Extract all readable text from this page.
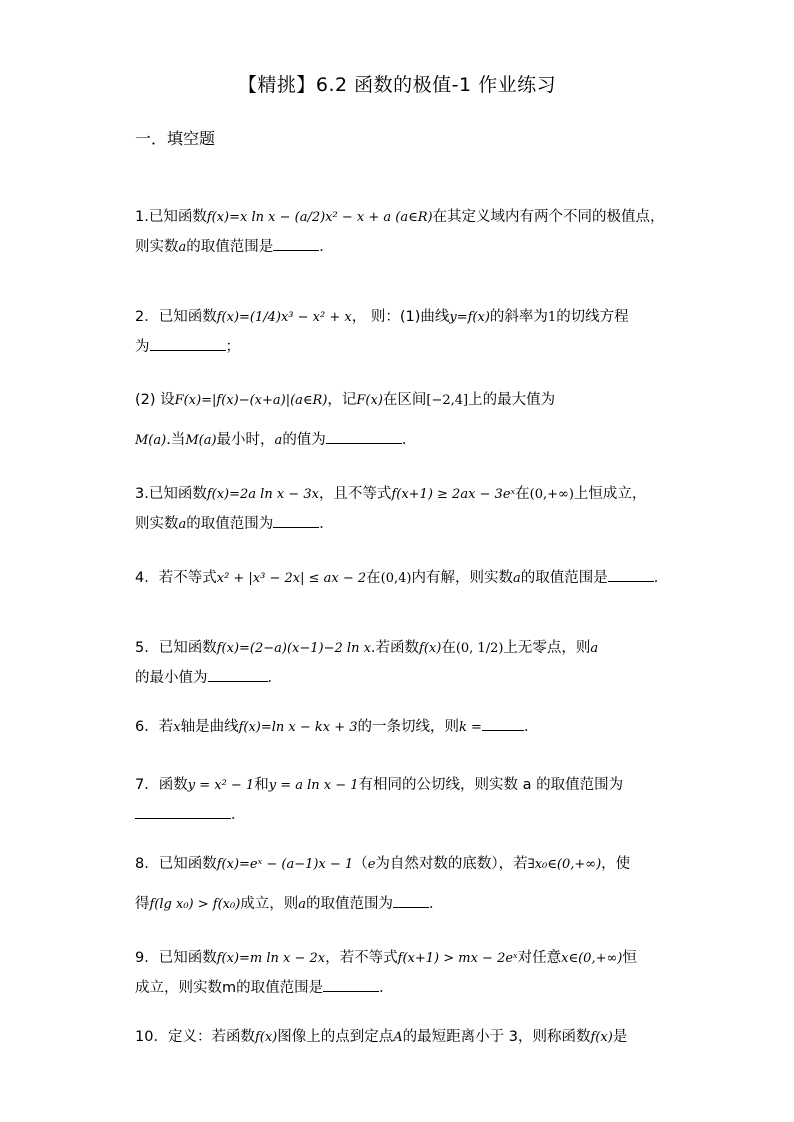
【精挑】6.2 函数的极值-1 作业练习
一．填空题
1.已知函数f(x)=x ln x − (a/2)x² − x + a (a∈R)在其定义域内有两个不同的极值点，
则实数a的取值范围是	．
2．已知函数f(x)=(1/4)x³ − x² + x， 则：(1)曲线y=f(x)的斜率为1的切线方程
为	；
(2) 设F(x)=|f(x)−(x+a)|(a∈R)，记F(x)在区间[−2,4]上的最大值为
M(a).当M(a)最小时，a的值为	．
3.已知函数f(x)=2a ln x − 3x，且不等式f(x+1) ≥ 2ax − 3eˣ在(0,+∞)上恒成立，
则实数a的取值范围为	．
4．若不等式x² + |x³ − 2x| ≤ ax − 2在(0,4)内有解，则实数a的取值范围是	．
5．已知函数f(x)=(2−a)(x−1)−2 ln x.若函数f(x)在(0, 1/2)上无零点，则a
的最小值为	．
6．若x轴是曲线f(x)=ln x − kx + 3的一条切线，则k =	．
7．函数y = x² − 1和y = a ln x − 1有相同的公切线，则实数 a 的取值范围为
．
8．已知函数f(x)=eˣ − (a−1)x − 1（e为自然对数的底数），若∃x₀∈(0,+∞)，使
得f(lg x₀) > f(x₀)成立，则a的取值范围为 ．
9．已知函数f(x)=m ln x − 2x，若不等式f(x+1) > mx − 2eˣ对任意x∈(0,+∞)恒
成立，则实数m的取值范围是	．
10．定义：若函数f(x)图像上的点到定点A的最短距离小于 3，则称函数f(x)是
